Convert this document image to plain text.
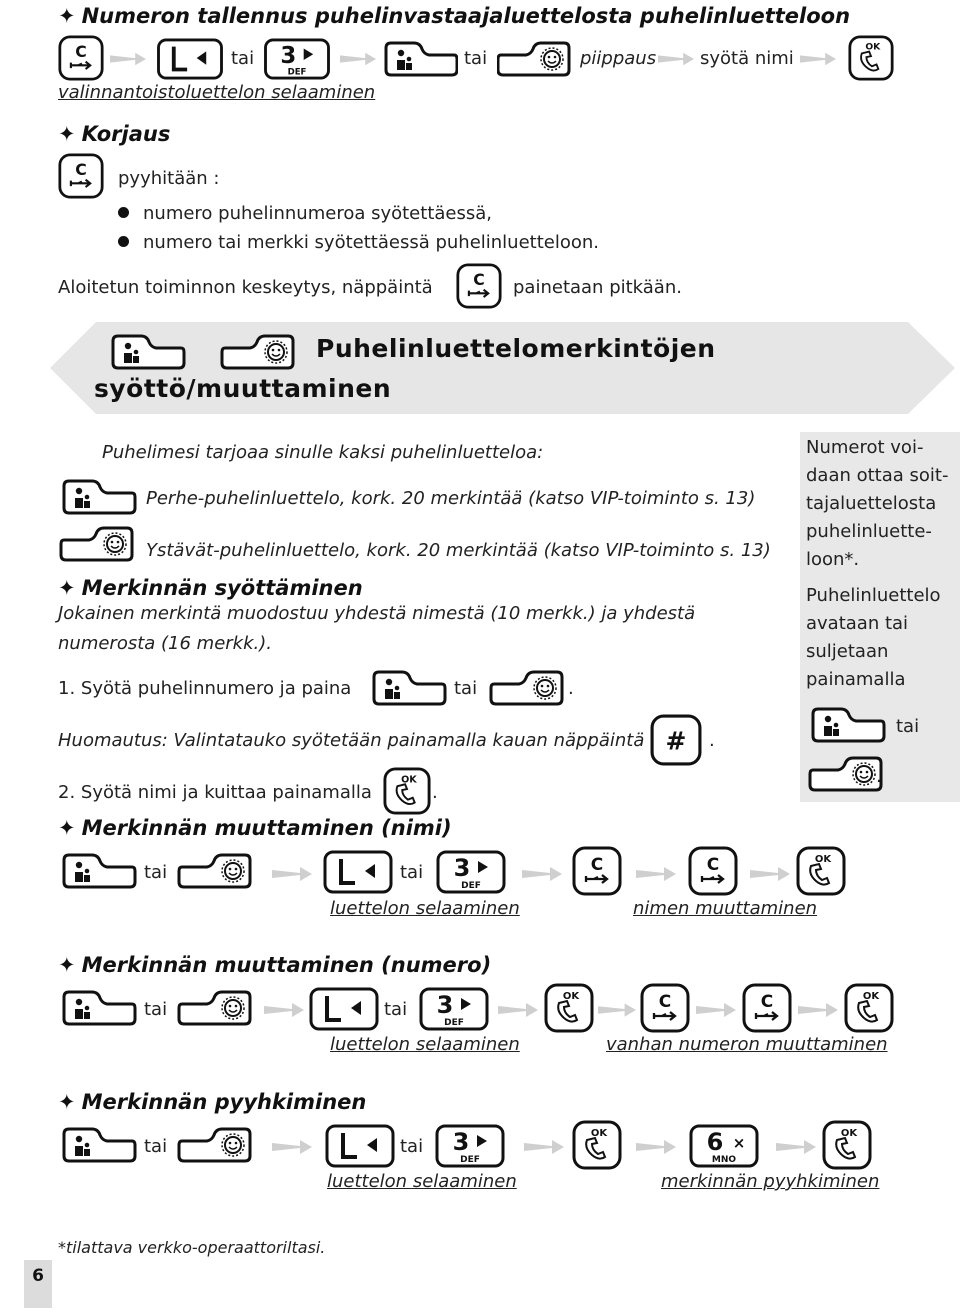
✦ Numeron tallennus puhelinvastaajaluettelosta puhelinluetteloon
tai	tai	piippaus syötä nimi
valinnantoistoluettelon selaaminen
✦ Korjaus
pyyhitään :
numero puhelinnumeroa syötettäessä,
numero tai merkki syötettäessä puhelinluetteloon.
Aloitetun toiminnon keskeytys, näppäintä	painetaan pitkään.
Puhelinluettelomerkintöjen
syöttö/muuttaminen
Puhelimesi tarjoaa sinulle kaksi puhelinluetteloa:
Perhe-puhelinluettelo, kork. 20 merkintää (katso VIP-toiminto s. 13)
Ystävät-puhelinluettelo, kork. 20 merkintää (katso VIP-toiminto s. 13)
✦ Merkinnän syöttäminen
Jokainen merkintä muodostuu yhdestä nimestä (10 merkk.) ja yhdestä
numerosta (16 merkk.).
1. Syötä puhelinnumero ja paina	tai	.
Huomautus: Valintatauko syötetään painamalla kauan näppäintä	.
2. Syötä nimi ja kuittaa painamalla	.
✦ Merkinnän muuttaminen (nimi)
tai	tai
luettelon selaaminen	nimen muuttaminen
✦ Merkinnän muuttaminen (numero)
tai	tai
luettelon selaaminen	vanhan numeron muuttaminen
✦ Merkinnän pyyhkiminen
tai	tai
luettelon selaaminen	merkinnän pyyhkiminen
Numerot voi-daan ottaa soit-tajaluettelosta puhelinluette-loon*.
Puhelinluettelo avataan tai suljetaan painamalla
tai
.
*tilattava verkko-operaattoriltasi.
6
